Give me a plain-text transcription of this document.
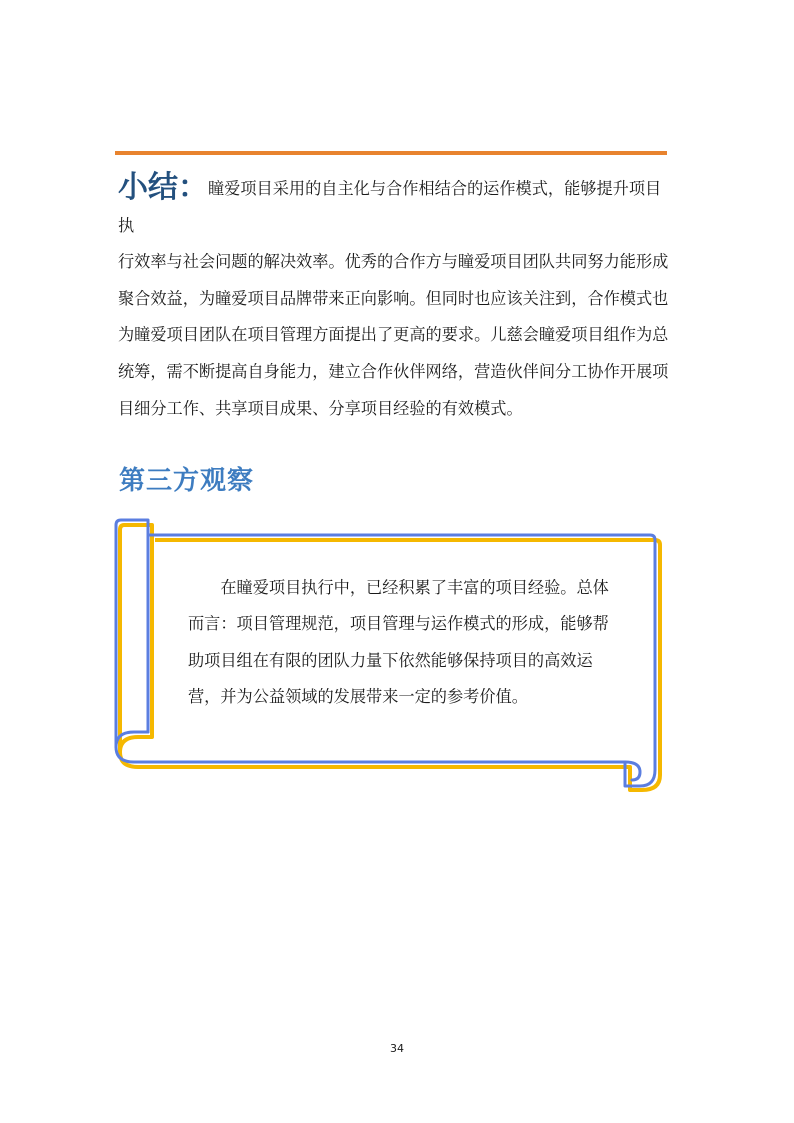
小结：瞳爱项目采用的自主化与合作相结合的运作模式，能够提升项目执
行效率与社会问题的解决效率。优秀的合作方与瞳爱项目团队共同努力能形成
聚合效益，为瞳爱项目品牌带来正向影响。但同时也应该关注到，合作模式也
为瞳爱项目团队在项目管理方面提出了更高的要求。儿慈会瞳爱项目组作为总
统筹，需不断提高自身能力，建立合作伙伴网络，营造伙伴间分工协作开展项
目细分工作、共享项目成果、分享项目经验的有效模式。
第三方观察
　　在瞳爱项目执行中，已经积累了丰富的项目经验。总体
而言：项目管理规范，项目管理与运作模式的形成，能够帮
助项目组在有限的团队力量下依然能够保持项目的高效运
营，并为公益领域的发展带来一定的参考价值。
34
